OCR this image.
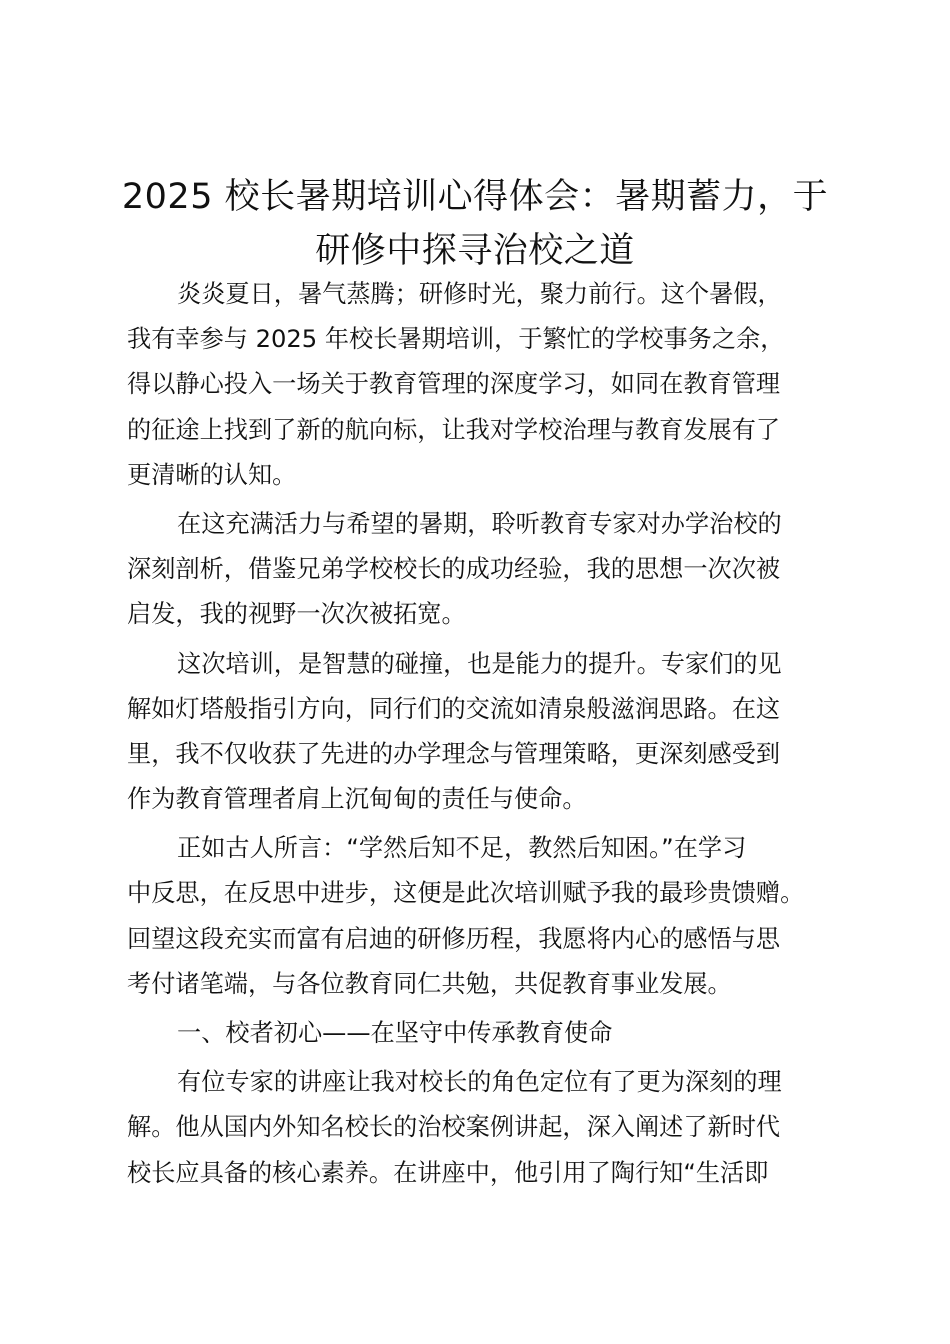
2025 校长暑期培训心得体会：暑期蓄力，于
研修中探寻治校之道
炎炎夏日，暑气蒸腾；研修时光，聚力前行。这个暑假，
我有幸参与 2025 年校长暑期培训，于繁忙的学校事务之余，
得以静心投入一场关于教育管理的深度学习，如同在教育管理
的征途上找到了新的航向标，让我对学校治理与教育发展有了
更清晰的认知。
在这充满活力与希望的暑期，聆听教育专家对办学治校的
深刻剖析，借鉴兄弟学校校长的成功经验，我的思想一次次被
启发，我的视野一次次被拓宽。
这次培训，是智慧的碰撞，也是能力的提升。专家们的见
解如灯塔般指引方向，同行们的交流如清泉般滋润思路。在这
里，我不仅收获了先进的办学理念与管理策略，更深刻感受到
作为教育管理者肩上沉甸甸的责任与使命。
正如古人所言：“学然后知不足，教然后知困。”在学习
中反思，在反思中进步，这便是此次培训赋予我的最珍贵馈赠。
回望这段充实而富有启迪的研修历程，我愿将内心的感悟与思
考付诸笔端，与各位教育同仁共勉，共促教育事业发展。
一、校者初心——在坚守中传承教育使命
有位专家的讲座让我对校长的角色定位有了更为深刻的理
解。他从国内外知名校长的治校案例讲起，深入阐述了新时代
校长应具备的核心素养。在讲座中，他引用了陶行知“生活即
